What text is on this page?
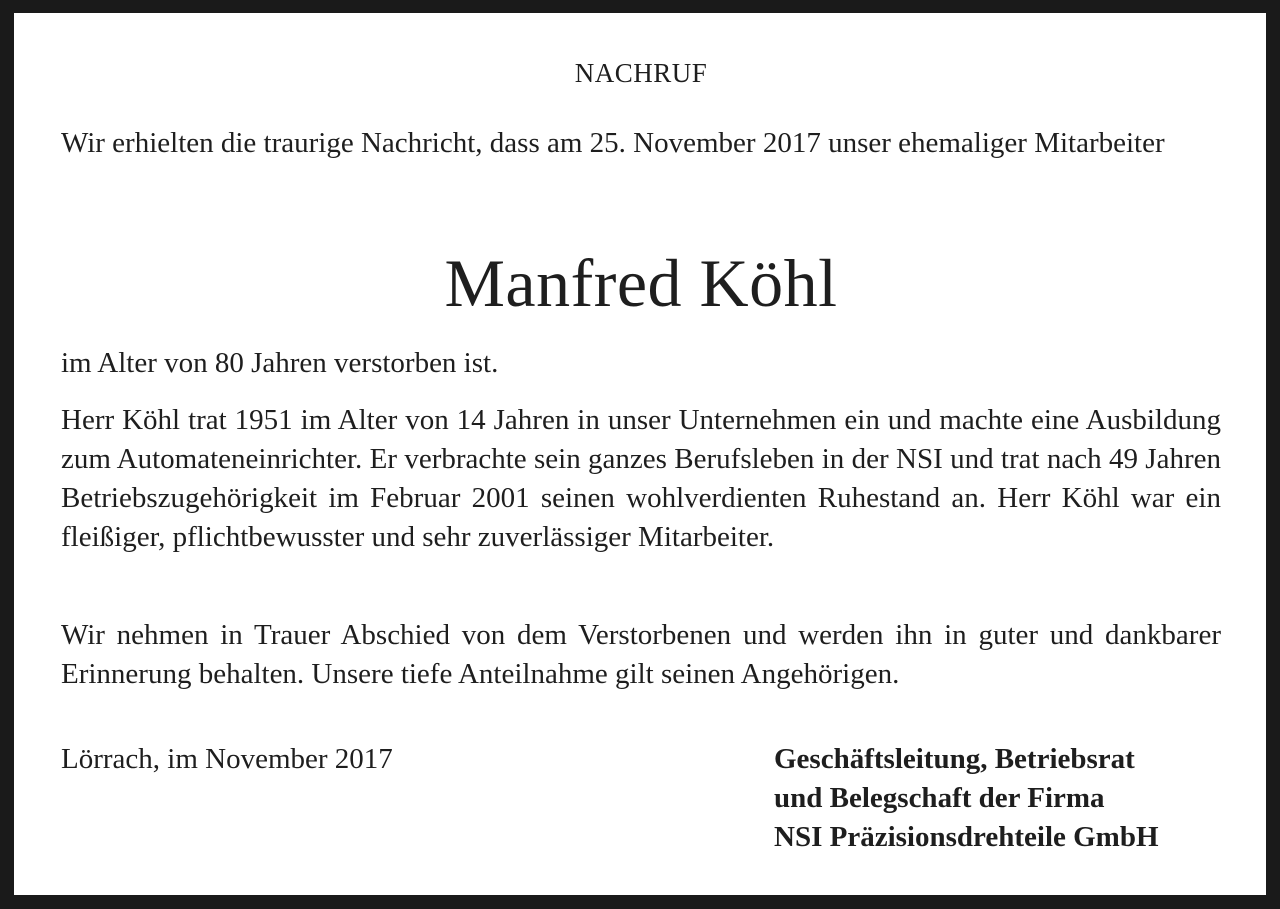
NACHRUF

Wir erhielten die traurige Nachricht, dass am 25. November 2017 unser ehemaliger Mitarbeiter

Manfred Köhl

im Alter von 80 Jahren verstorben ist.

Herr Köhl trat 1951 im Alter von 14 Jahren in unser Unternehmen ein und machte eine Ausbildung zum Automateneinrichter. Er verbrachte sein ganzes Berufsleben in der NSI und trat nach 49 Jahren Betriebszugehörigkeit im Februar 2001 seinen wohlverdienten Ruhestand an. Herr Köhl war ein fleißiger, pflichtbewusster und sehr zuverlässiger Mitarbeiter.

Wir nehmen in Trauer Abschied von dem Verstorbenen und werden ihn in guter und dankbarer Erinnerung behalten. Unsere tiefe Anteilnahme gilt seinen Angehörigen.

Lörrach, im November 2017	Geschäftsleitung, Betriebsrat
und Belegschaft der Firma
NSI Präzisionsdrehteile GmbH
